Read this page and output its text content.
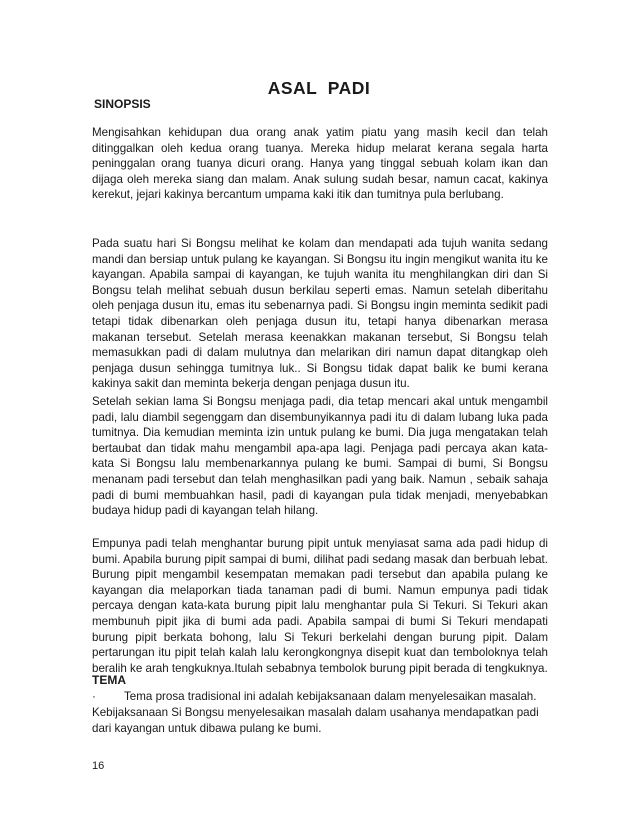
ASAL  PADI
SINOPSIS

Mengisahkan kehidupan dua orang anak yatim piatu yang masih kecil dan telah ditinggalkan oleh kedua orang tuanya. Mereka hidup melarat kerana segala harta peninggalan orang tuanya dicuri orang. Hanya yang tinggal sebuah kolam ikan dan dijaga oleh mereka siang dan malam. Anak sulung sudah besar, namun cacat, kakinya kerekut, jejari kakinya bercantum umpama kaki itik dan tumitnya pula berlubang.

Pada suatu hari Si Bongsu melihat ke kolam dan mendapati ada tujuh wanita sedang mandi dan bersiap untuk pulang ke kayangan. Si Bongsu itu ingin mengikut wanita itu ke kayangan. Apabila sampai di kayangan, ke tujuh wanita itu menghilangkan diri dan Si Bongsu telah melihat sebuah dusun berkilau seperti emas. Namun setelah diberitahu oleh penjaga dusun itu, emas itu sebenarnya padi. Si Bongsu ingin meminta sedikit padi tetapi tidak dibenarkan oleh penjaga dusun itu, tetapi hanya dibenarkan merasa makanan tersebut. Setelah merasa keenakkan makanan tersebut, Si Bongsu telah memasukkan padi di dalam mulutnya dan melarikan diri namun dapat ditangkap oleh penjaga dusun sehingga tumitnya luk.. Si Bongsu tidak dapat balik ke bumi kerana kakinya sakit dan meminta bekerja dengan penjaga dusun itu.

Setelah sekian lama Si Bongsu menjaga padi, dia tetap mencari akal untuk mengambil padi, lalu diambil segenggam dan disembunyikannya padi itu di dalam lubang luka pada tumitnya. Dia kemudian meminta izin untuk pulang ke bumi. Dia juga mengatakan telah bertaubat dan tidak mahu mengambil apa-apa lagi. Penjaga padi percaya akan kata-kata Si Bongsu lalu membenarkannya pulang ke bumi. Sampai di bumi, Si Bongsu menanam padi tersebut dan telah menghasilkan padi yang baik. Namun , sebaik sahaja padi di bumi membuahkan hasil, padi di kayangan pula tidak menjadi, menyebabkan budaya hidup padi di kayangan telah hilang.

Empunya padi telah menghantar burung pipit untuk menyiasat sama ada padi hidup di bumi. Apabila burung pipit sampai di bumi, dilihat padi sedang masak dan berbuah lebat. Burung pipit mengambil kesempatan memakan padi tersebut dan apabila pulang ke kayangan dia melaporkan tiada tanaman padi di bumi. Namun empunya padi tidak percaya dengan kata-kata burung pipit lalu menghantar pula Si Tekuri. Si Tekuri akan membunuh pipit jika di bumi ada padi. Apabila sampai di bumi Si Tekuri mendapati burung pipit berkata bohong, lalu Si Tekuri berkelahi dengan burung pipit. Dalam pertarungan itu pipit telah kalah lalu kerongkongnya disepit kuat dan temboloknya telah beralih ke arah tengkuknya.Itulah sebabnya tembolok burung pipit berada di tengkuknya.

TEMA
· Tema prosa tradisional ini adalah kebijaksanaan dalam menyelesaikan masalah.
Kebijaksanaan Si Bongsu menyelesaikan masalah dalam usahanya mendapatkan padi
dari kayangan untuk dibawa pulang ke bumi.
16
